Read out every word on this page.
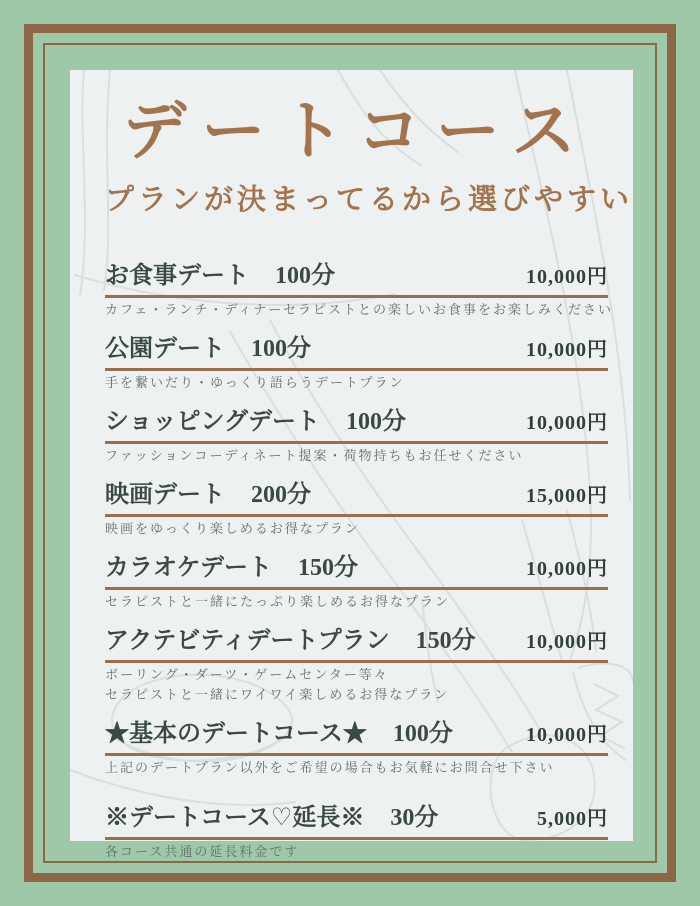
デートコース
プランが決まってるから選びやすい
お食事デート 100分	10,000円
カフェ・ランチ・ディナーセラピストとの楽しいお食事をお楽しみください
公園デート 100分	10,000円
手を繋いだり・ゆっくり語らうデートプラン
ショッピングデート 100分	10,000円
ファッションコーディネート提案・荷物持ちもお任せください
映画デート 200分	15,000円
映画をゆっくり楽しめるお得なプラン
カラオケデート 150分	10,000円
セラピストと一緒にたっぷり楽しめるお得なプラン
アクテビティデートプラン 150分	10,000円
ボーリング・ダーツ・ゲームセンター等々
セラピストと一緒にワイワイ楽しめるお得なプラン
★基本のデートコース★ 100分	10,000円
上記のデートプラン以外をご希望の場合もお気軽にお問合せ下さい
※デートコース♡延長※ 30分	5,000円
各コース共通の延長料金です
